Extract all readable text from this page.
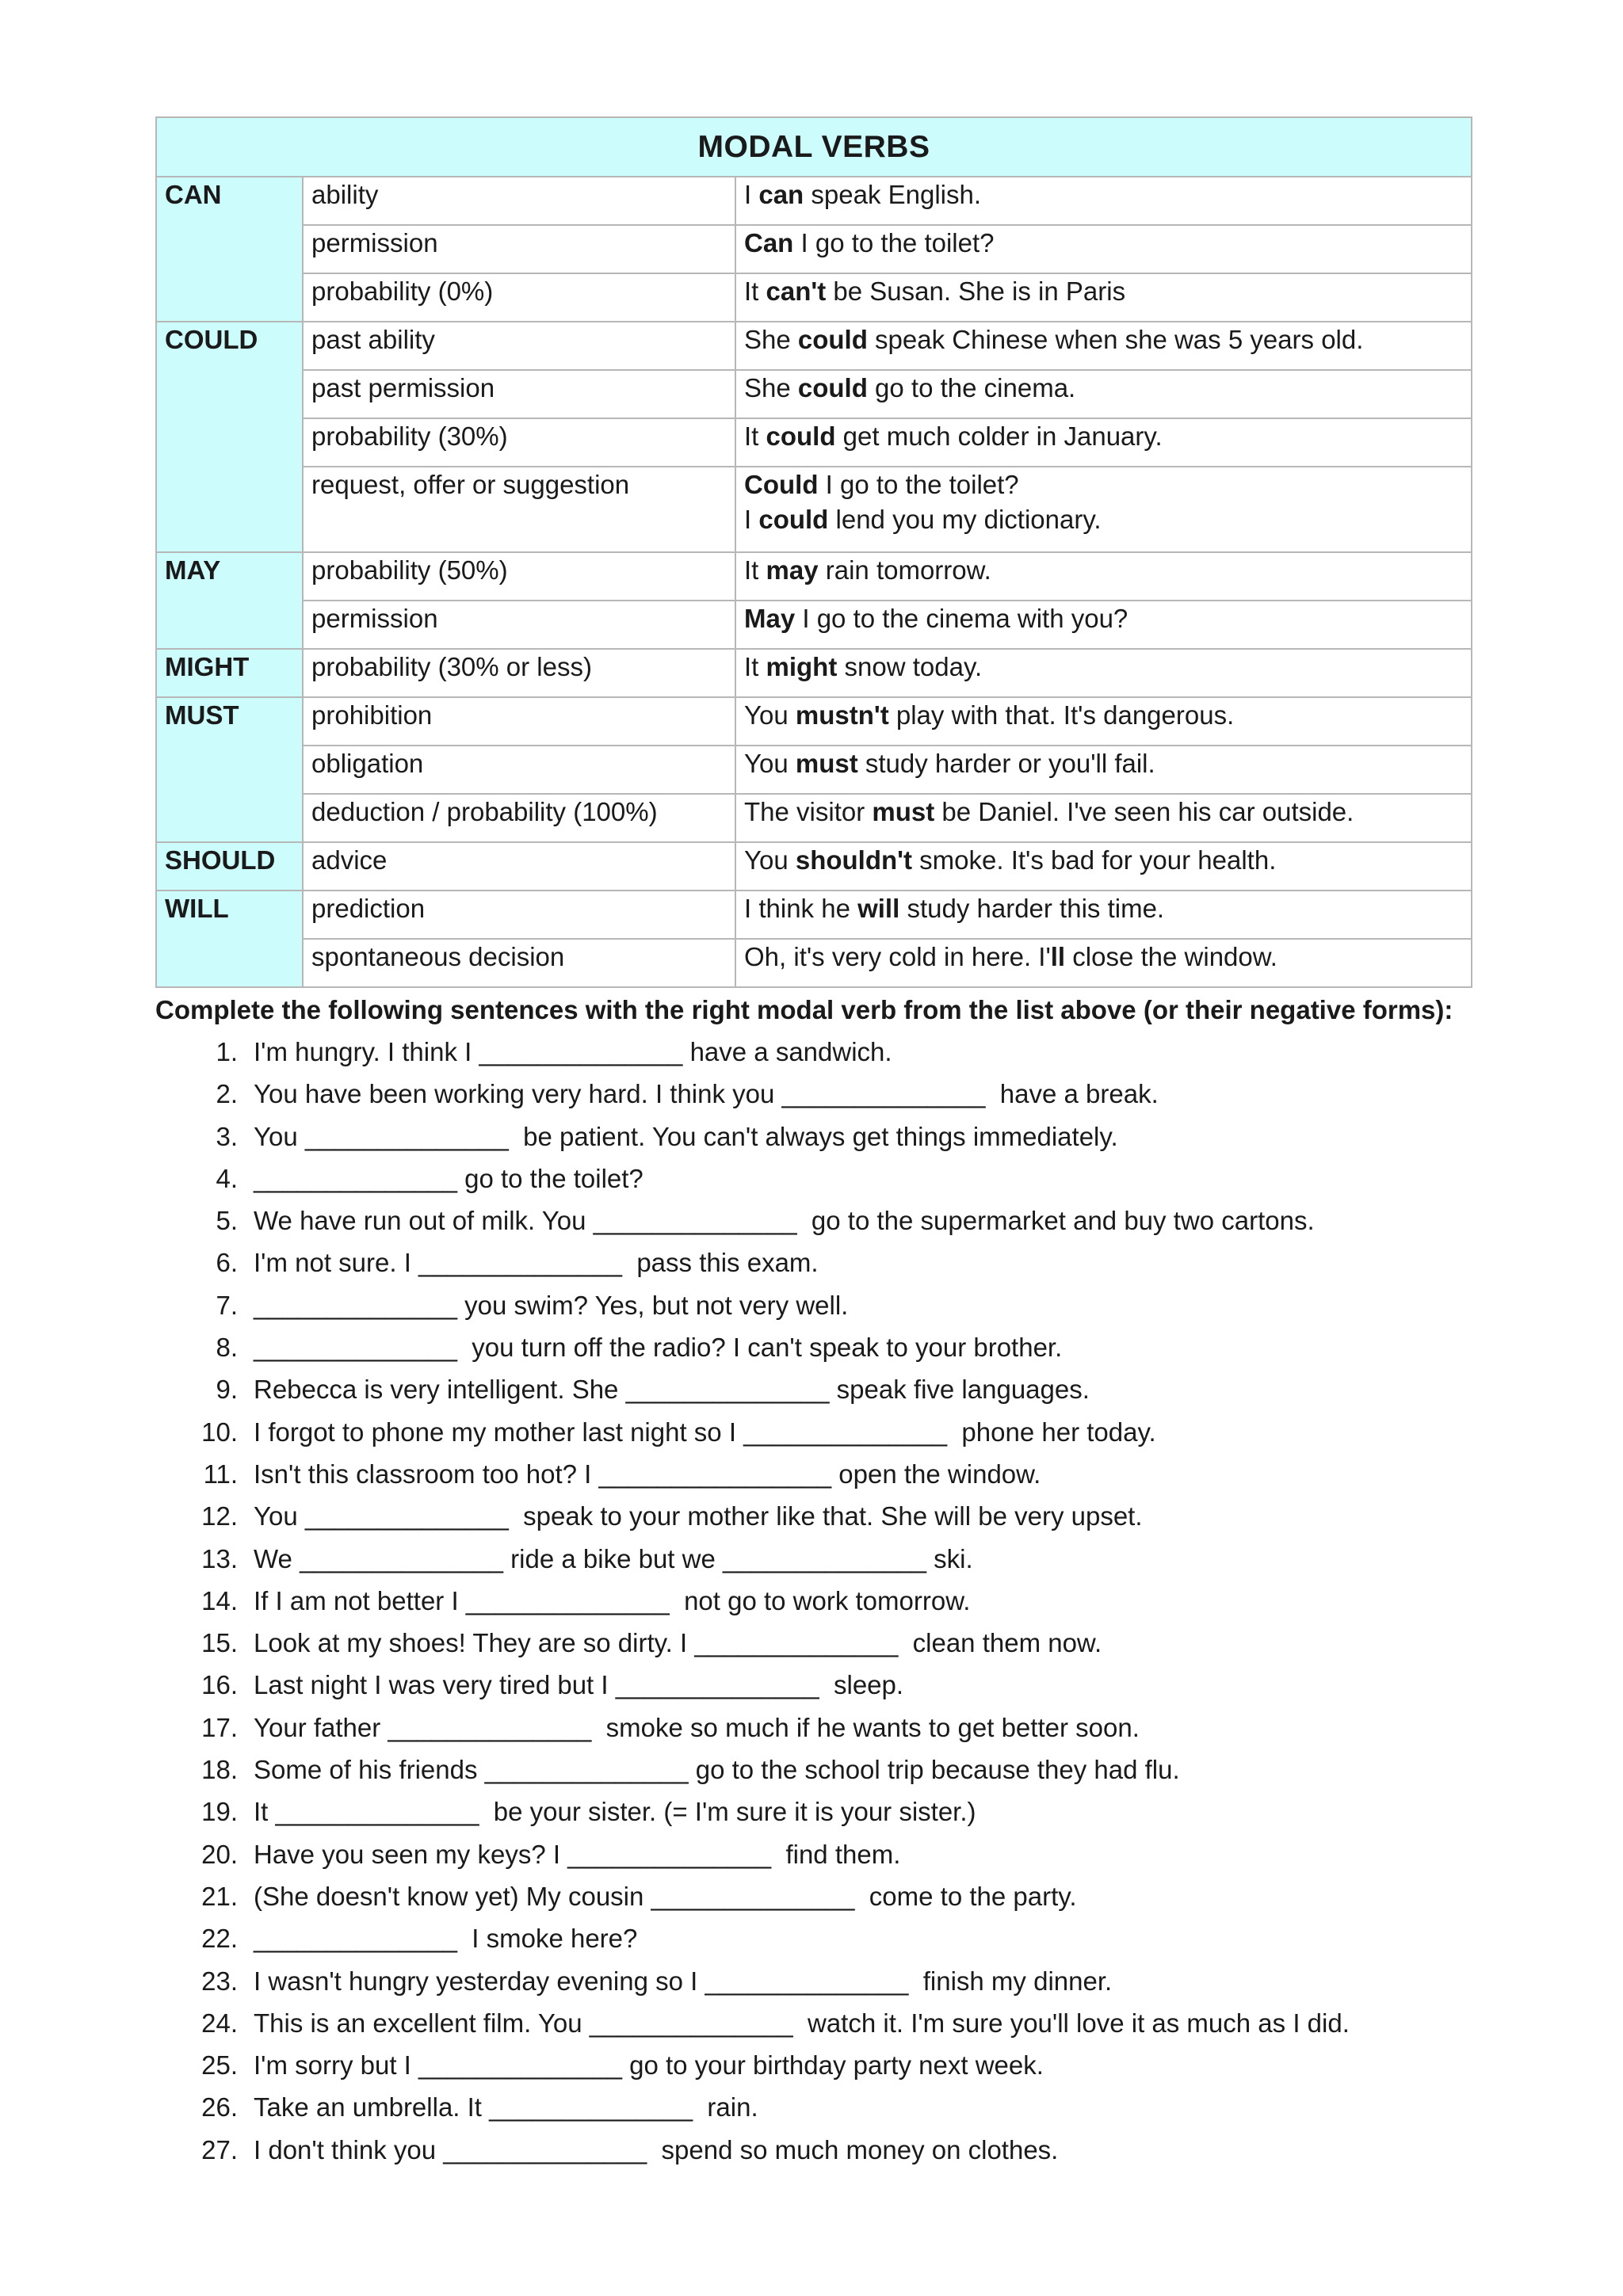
MODAL VERBS		
CAN	ability	I can speak English.
	permission	Can I go to the toilet?
	probability (0%)	It can't be Susan. She is in Paris
COULD	past ability	She could speak Chinese when she was 5 years old.
	past permission	She could go to the cinema.
	probability (30%)	It could get much colder in January.
	request, offer or suggestion	Could I go to the toilet?
I could lend you my dictionary.
MAY	probability (50%)	It may rain tomorrow.
	permission	May I go to the cinema with you?
MIGHT	probability (30% or less)	It might snow today.
MUST	prohibition	You mustn't play with that. It's dangerous.
	obligation	You must study harder or you'll fail.
	deduction / probability (100%)	The visitor must be Daniel. I've seen his car outside.
SHOULD	advice	You shouldn't smoke. It's bad for your health.
WILL	prediction	I think he will study harder this time.
	spontaneous decision	Oh, it's very cold in here. I'll close the window.
Complete the following sentences with the right modal verb from the list above (or their negative forms):
1. I'm hungry. I think I ______________ have a sandwich.
2. You have been working very hard. I think you ______________  have a break.
3. You ______________  be patient. You can't always get things immediately.
4. ______________ go to the toilet?
5. We have run out of milk. You ______________  go to the supermarket and buy two cartons.
6. I'm not sure. I ______________  pass this exam.
7. ______________ you swim? Yes, but not very well.
8. ______________  you turn off the radio? I can't speak to your brother.
9. Rebecca is very intelligent. She ______________ speak five languages.
10. I forgot to phone my mother last night so I ______________  phone her today.
11. Isn't this classroom too hot? I ________________ open the window.
12. You ______________  speak to your mother like that. She will be very upset.
13. We ______________ ride a bike but we ______________ ski.
14. If I am not better I ______________  not go to work tomorrow.
15. Look at my shoes! They are so dirty. I ______________  clean them now.
16. Last night I was very tired but I ______________  sleep.
17. Your father ______________  smoke so much if he wants to get better soon.
18. Some of his friends ______________ go to the school trip because they had flu.
19. It ______________  be your sister. (= I'm sure it is your sister.)
20. Have you seen my keys? I ______________  find them.
21. (She doesn't know yet) My cousin ______________  come to the party.
22. ______________  I smoke here?
23. I wasn't hungry yesterday evening so I ______________  finish my dinner.
24. This is an excellent film. You ______________  watch it. I'm sure you'll love it as much as I did.
25. I'm sorry but I ______________ go to your birthday party next week.
26. Take an umbrella. It ______________  rain.
27. I don't think you ______________  spend so much money on clothes.
